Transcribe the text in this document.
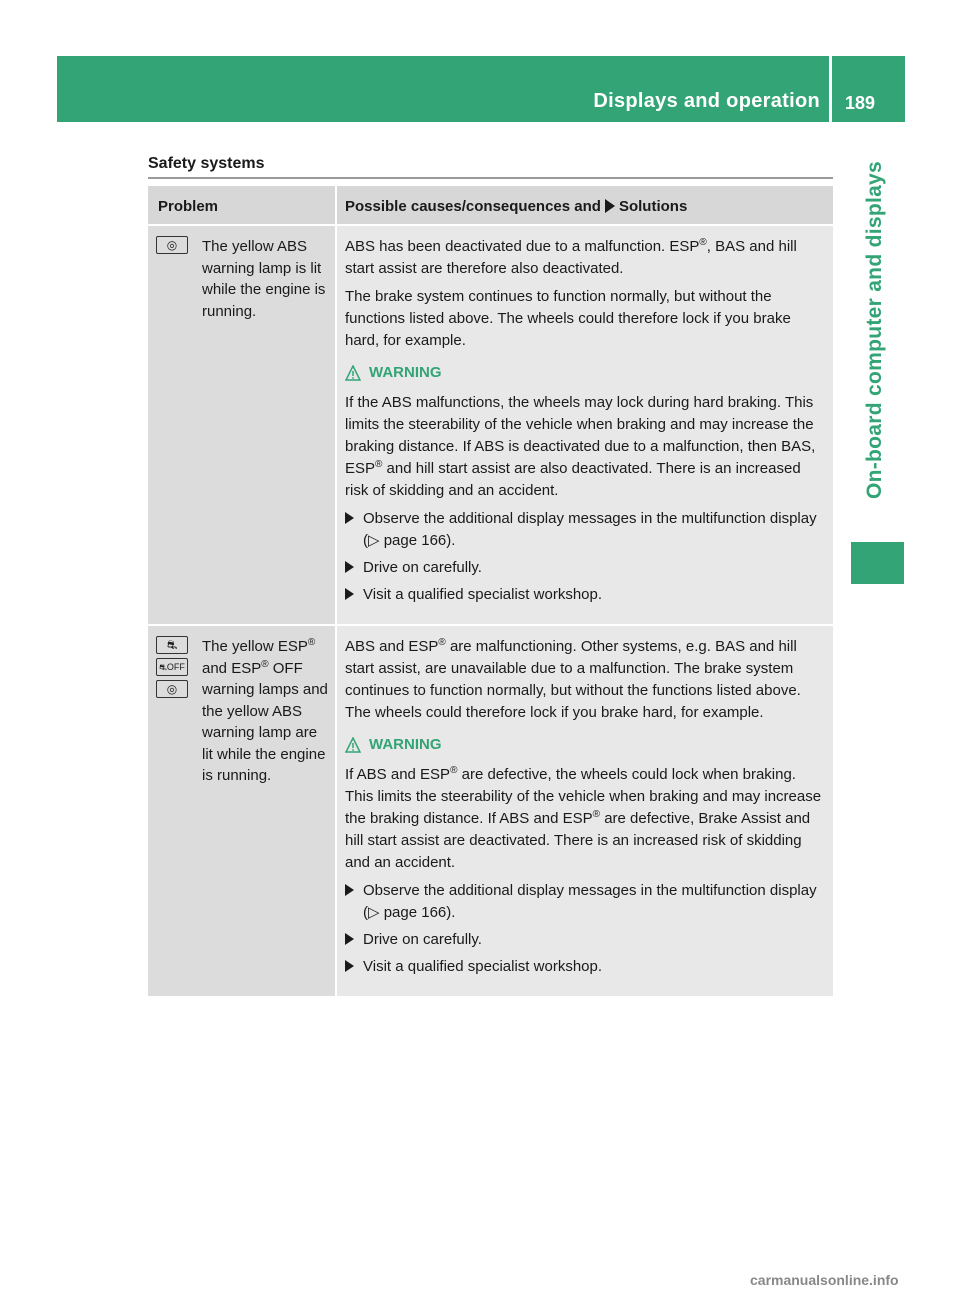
Displays and operation 189
On-board computer and displays
Safety systems
Problem	Possible causes/consequences and Solutions
◎	The yellow ABS warning lamp is lit while the engine is running.

ABS has been deactivated due to a malfunction. ESP®, BAS and hill start assist are therefore also deactivated.

The brake system continues to function normally, but without the functions listed above. The wheels could therefore lock if you brake hard, for example.

WARNING

If the ABS malfunctions, the wheels may lock during hard braking. This limits the steerability of the vehicle when braking and may increase the braking distance. If ABS is deactivated due to a malfunction, then BAS, ESP® and hill start assist are also deactivated. There is an increased risk of skidding and an accident.

Observe the additional display messages in the multifunction display (▷ page 166).
Drive on carefully.
Visit a qualified specialist workshop.
⛐
⛐OFF
◎
The yellow ESP® and ESP® OFF warning lamps and the yellow ABS warning lamp are lit while the engine is running.

ABS and ESP® are malfunctioning. Other systems, e.g. BAS and hill start assist, are unavailable due to a malfunction. The brake system continues to function normally, but without the functions listed above. The wheels could therefore lock if you brake hard, for example.

WARNING

If ABS and ESP® are defective, the wheels could lock when braking. This limits the steerability of the vehicle when braking and may increase the braking distance. If ABS and ESP® are defective, Brake Assist and hill start assist are deactivated. There is an increased risk of skidding and an accident.

Observe the additional display messages in the multifunction display (▷ page 166).
Drive on carefully.
Visit a qualified specialist workshop.
carmanualsonline.info
